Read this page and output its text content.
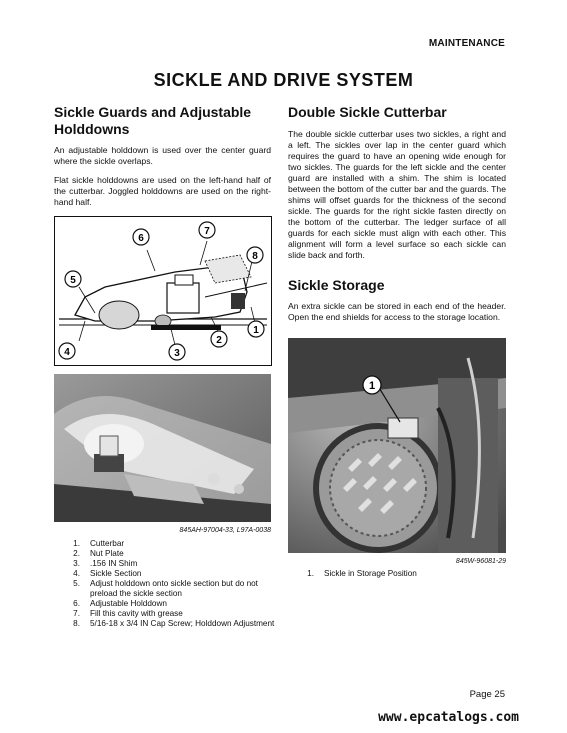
MAINTENANCE
SICKLE AND DRIVE SYSTEM
Sickle Guards and Adjustable
Holddowns
An adjustable holddown is used over the center guard where the sickle overlaps.
Flat sickle holddowns are used on the left-hand half of the cutterbar. Joggled holddowns are used on the right-hand half.
1
2
3
4
5
6
7
8
845AH-97004-33, L97A-0038
1.	Cutterbar
2.	Nut Plate
3.	.156 IN Shim
4.	Sickle Section
5.	Adjust holddown onto sickle section but do not preload the sickle section
6.	Adjustable Holddown
7.	Fill this cavity with grease
8.	5/16-18 x 3/4 IN Cap Screw; Holddown Adjustment
Double Sickle Cutterbar
The double sickle cutterbar uses two sickles, a right and a left. The sickles over lap in the center guard which requires the guard to have an opening wide enough for two sickles. The guards for the left sickle and the center guard are installed with a shim. The shim is located between the bottom of the cutter bar and the guards. The shims will offset guards for the thickness of the second sickle. The guards for the right sickle fasten directly on the bottom of the cutterbar. The ledger surface of all guards for each sickle must align with each other. This alignment will form a level surface so each sickle can slide back and forth.
Sickle Storage
An extra sickle can be stored in each end of the header. Open the end shields for access to the storage location.
1
845W-96081-29
1.	Sickle in Storage Position
Page 25
www.epcatalogs.com
